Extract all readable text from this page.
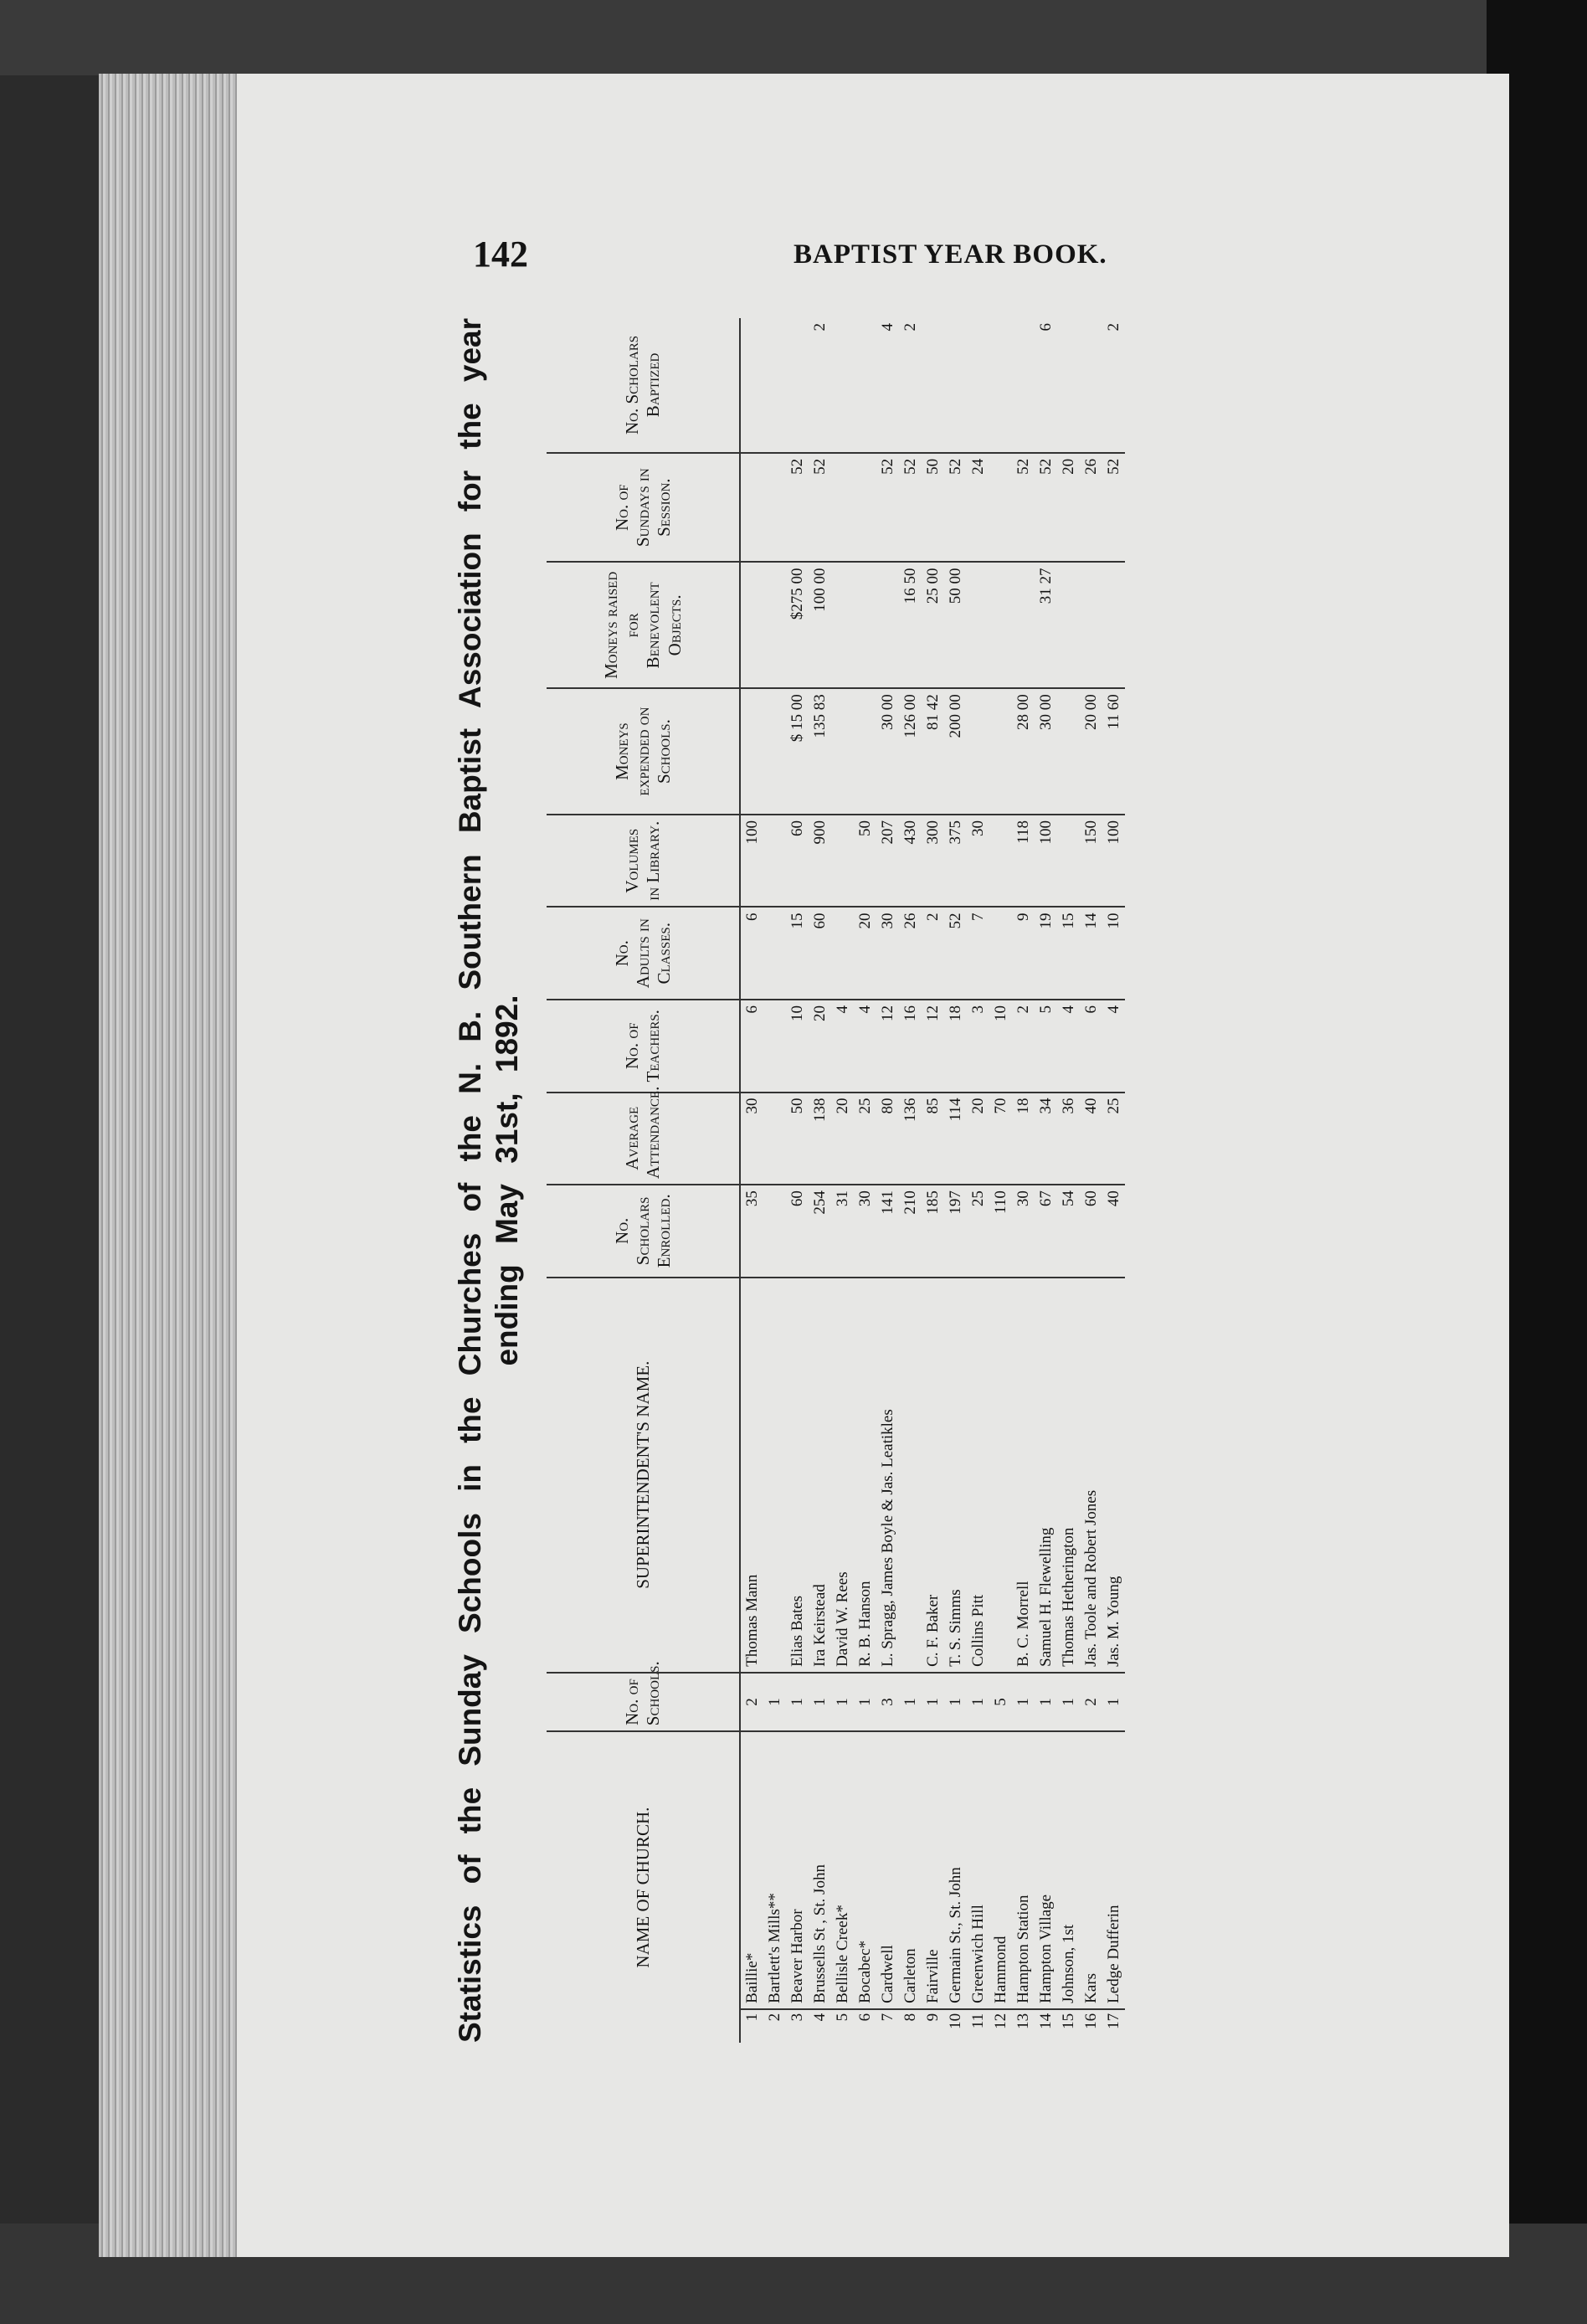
142	BAPTIST YEAR BOOK.
Statistics of the Sunday Schools in the Churches of the N. B. Southern Baptist Association for the year ending May 31st, 1892.
NAME OF CHURCH.		No. of Schools.	SUPERINTENDENT'S NAME.	No. Scholars Enrolled.	Average Attendance.	No. of Teachers.	No. Adults in Classes.	Volumes in Library.	Moneys expended on Schools.	Moneys raised for Benevolent Objects.	No. of Sundays in Session.	No. Scholars Baptized
1	Baillie*	2	Thomas Mann	35	30	6	6	100				
2	Bartlett's Mills**	1										
3	Beaver Harbor	1	Elias Bates	60	50	10	15	60	$ 15 00	$275 00	52	
4	Brussells St , St. John	1	Ira Keirstead	254	138	20	60	900	135 83	100 00	52	2
5	Bellisle Creek*	1	David W. Rees	31	20	4						
6	Bocabec*	1	R. B. Hanson	30	25	4	20	50				
7	Cardwell	3	L. Spragg, James Boyle & Jas. Leatikles	141	80	12	30	207	30 00		52	4
8	Carleton	1		210	136	16	26	430	126 00	16 50	52	2
9	Fairville	1	C. F. Baker	185	85	12	2	300	81 42	25 00	50	
10	Germain St., St. John	1	T. S. Simms	197	114	18	52	375	200 00	50 00	52	
11	Greenwich Hill	1	Collins Pitt	25	20	3	7	30			24	
12	Hammond	5		110	70	10						
13	Hampton Station	1	B. C. Morrell	30	18	2	9	118	28 00		52	
14	Hampton Village	1	Samuel H. Flewelling	67	34	5	19	100	30 00	31 27	52	6
15	Johnson, 1st	1	Thomas Hetherington	54	36	4	15				20	
16	Kars	2	Jas. Toole and Robert Jones	60	40	6	14	150	20 00		26	
17	Ledge Dufferin	1	Jas. M. Young	40	25	4	10	100	11 60		52	2
